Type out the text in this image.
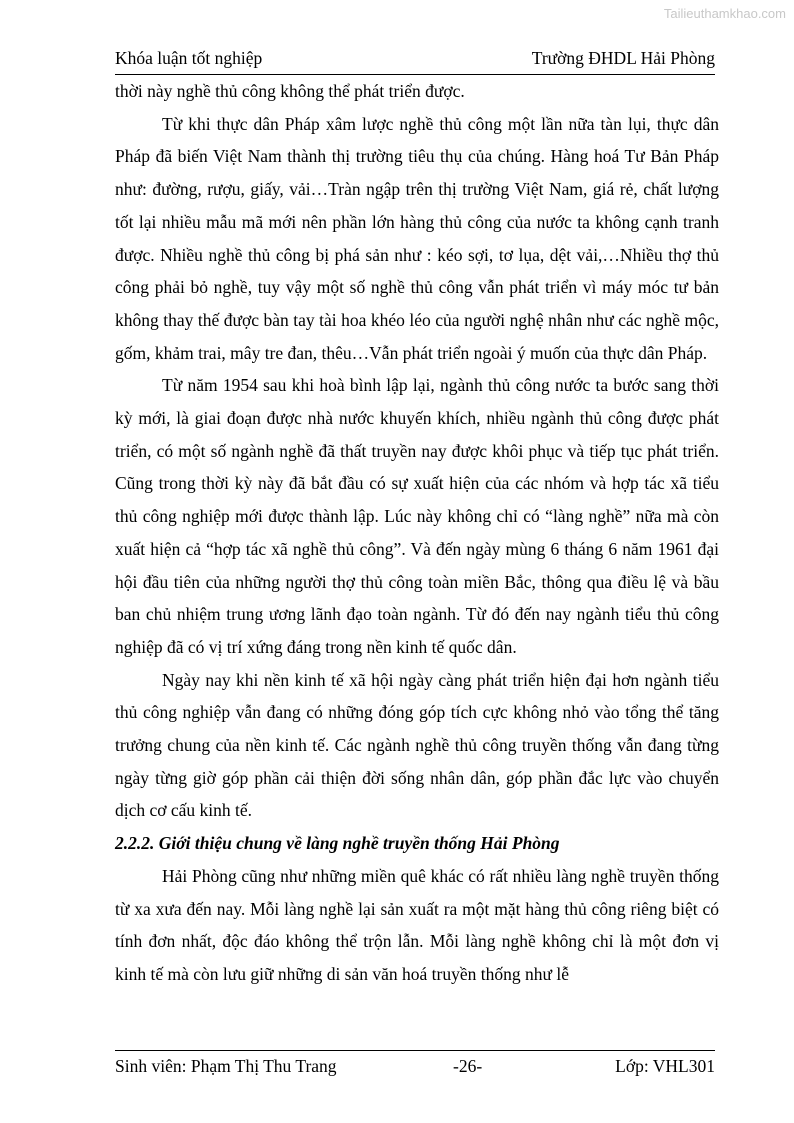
Tailieuthamkhao.com
Khóa luận tốt nghiệp	Trường ĐHDL Hải Phòng

thời này nghề thủ công không thể phát triển được.

Từ khi thực dân Pháp xâm lược nghề thủ công một lần nữa tàn lụi, thực dân Pháp đã biến Việt Nam thành thị trường tiêu thụ của chúng. Hàng hoá Tư Bản Pháp như: đường, rượu, giấy, vải…Tràn ngập trên thị trường Việt Nam, giá rẻ, chất lượng tốt lại nhiều mẫu mã mới nên phần lớn hàng thủ công của nước ta không cạnh tranh được. Nhiều nghề thủ công bị phá sản như : kéo sợi, tơ lụa, dệt vải,…Nhiều thợ thủ công phải bỏ nghề, tuy vậy một số nghề thủ công vẫn phát triển vì máy móc tư bản không thay thế được bàn tay tài hoa khéo léo của người nghệ nhân như các nghề mộc, gốm, khảm trai, mây tre đan, thêu…Vẫn phát triển ngoài ý muốn của thực dân Pháp.

Từ năm 1954 sau khi hoà bình lập lại, ngành thủ công nước ta bước sang thời kỳ mới, là giai đoạn được nhà nước khuyến khích, nhiều ngành thủ công được phát triển, có một số ngành nghề đã thất truyền nay được khôi phục và tiếp tục phát triển. Cũng trong thời kỳ này đã bắt đầu có sự xuất hiện của các nhóm và hợp tác xã tiểu thủ công nghiệp mới được thành lập. Lúc này không chỉ có “làng nghề” nữa mà còn xuất hiện cả “hợp tác xã nghề thủ công”. Và đến ngày mùng 6 tháng 6 năm 1961 đại hội đầu tiên của những người thợ thủ công toàn miền Bắc, thông qua điều lệ và bầu ban chủ nhiệm trung ương lãnh đạo toàn ngành. Từ đó đến nay ngành tiểu thủ công nghiệp đã có vị trí xứng đáng trong nền kinh tế quốc dân.

Ngày nay khi nền kinh tế xã hội ngày càng phát triển hiện đại hơn ngành tiểu thủ công nghiệp vẫn đang có những đóng góp tích cực không nhỏ vào tổng thể tăng trưởng chung của nền kinh tế. Các ngành nghề thủ công truyền thống vẫn đang từng ngày từng giờ góp phần cải thiện đời sống nhân dân, góp phần đắc lực vào chuyển dịch cơ cấu kinh tế.

2.2.2. Giới thiệu chung về làng nghề truyền thống Hải Phòng

Hải Phòng cũng như những miền quê khác có rất nhiều làng nghề truyền thống từ xa xưa đến nay. Mỗi làng nghề lại sản xuất ra một mặt hàng thủ công riêng biệt có tính đơn nhất, độc đáo không thể trộn lẫn. Mỗi làng nghề không chỉ là một đơn vị kinh tế mà còn lưu giữ những di sản văn hoá truyền thống như lễ

Sinh viên: Phạm Thị Thu Trang	-26-	Lớp: VHL301
